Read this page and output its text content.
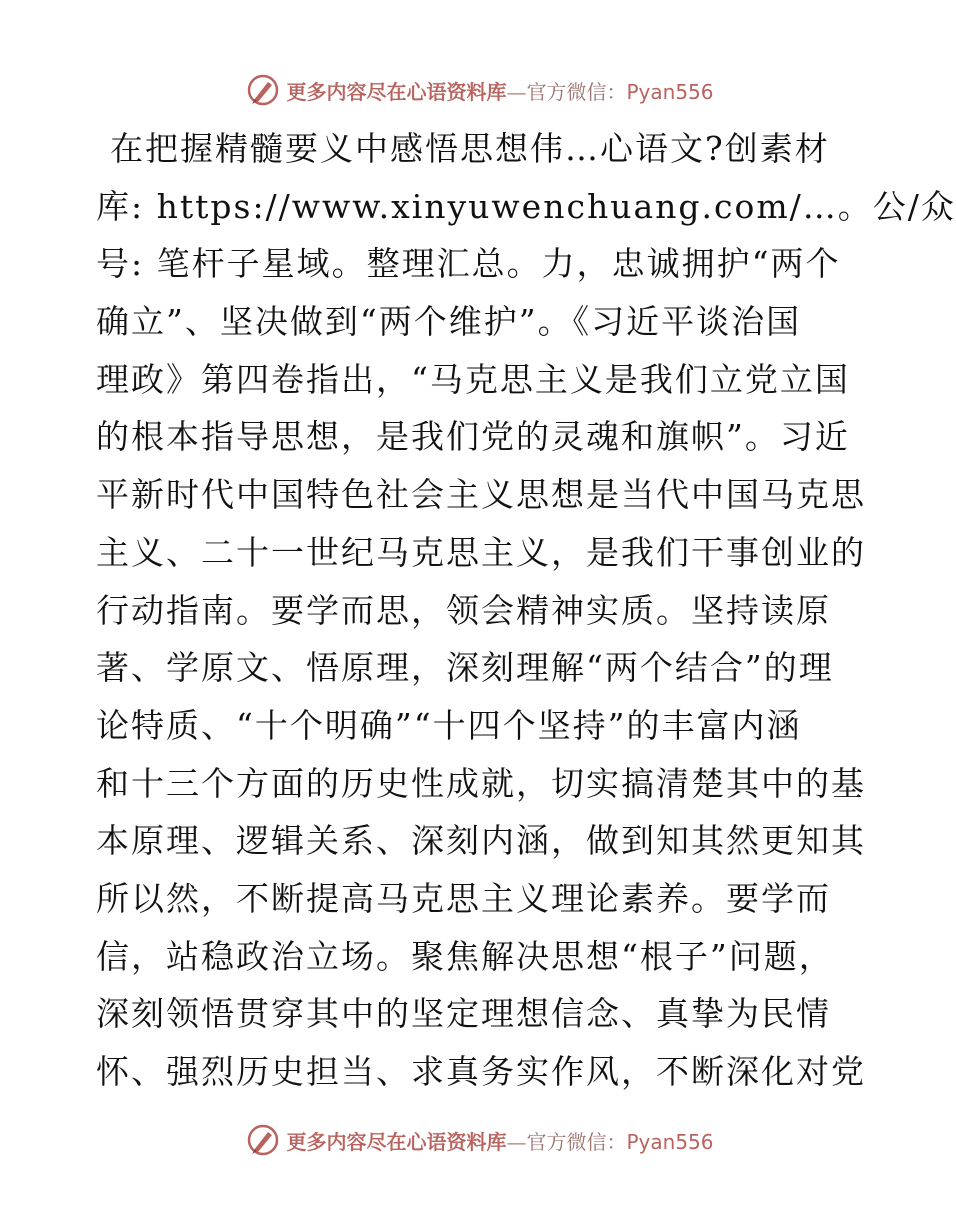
更多内容尽在心语资料库—官方微信：Pyan556
在把握精髓要义中感悟思想伟…心语文?创素材
库: https://www.xinyuwenchuang.com/…。公/众
号: 笔杆子星域。整理汇总。力，忠诚拥护“两个
确立”、坚决做到“两个维护”。《习近平谈治国
理政》第四卷指出，“马克思主义是我们立党立国
的根本指导思想，是我们党的灵魂和旗帜”。习近
平新时代中国特色社会主义思想是当代中国马克思
主义、二十一世纪马克思主义，是我们干事创业的
行动指南。要学而思，领会精神实质。坚持读原
著、学原文、悟原理，深刻理解“两个结合”的理
论特质、“十个明确”“十四个坚持”的丰富内涵
和十三个方面的历史性成就，切实搞清楚其中的基
本原理、逻辑关系、深刻内涵，做到知其然更知其
所以然，不断提高马克思主义理论素养。要学而
信，站稳政治立场。聚焦解决思想“根子”问题，
深刻领悟贯穿其中的坚定理想信念、真挚为民情
怀、强烈历史担当、求真务实作风，不断深化对党
更多内容尽在心语资料库—官方微信：Pyan556
